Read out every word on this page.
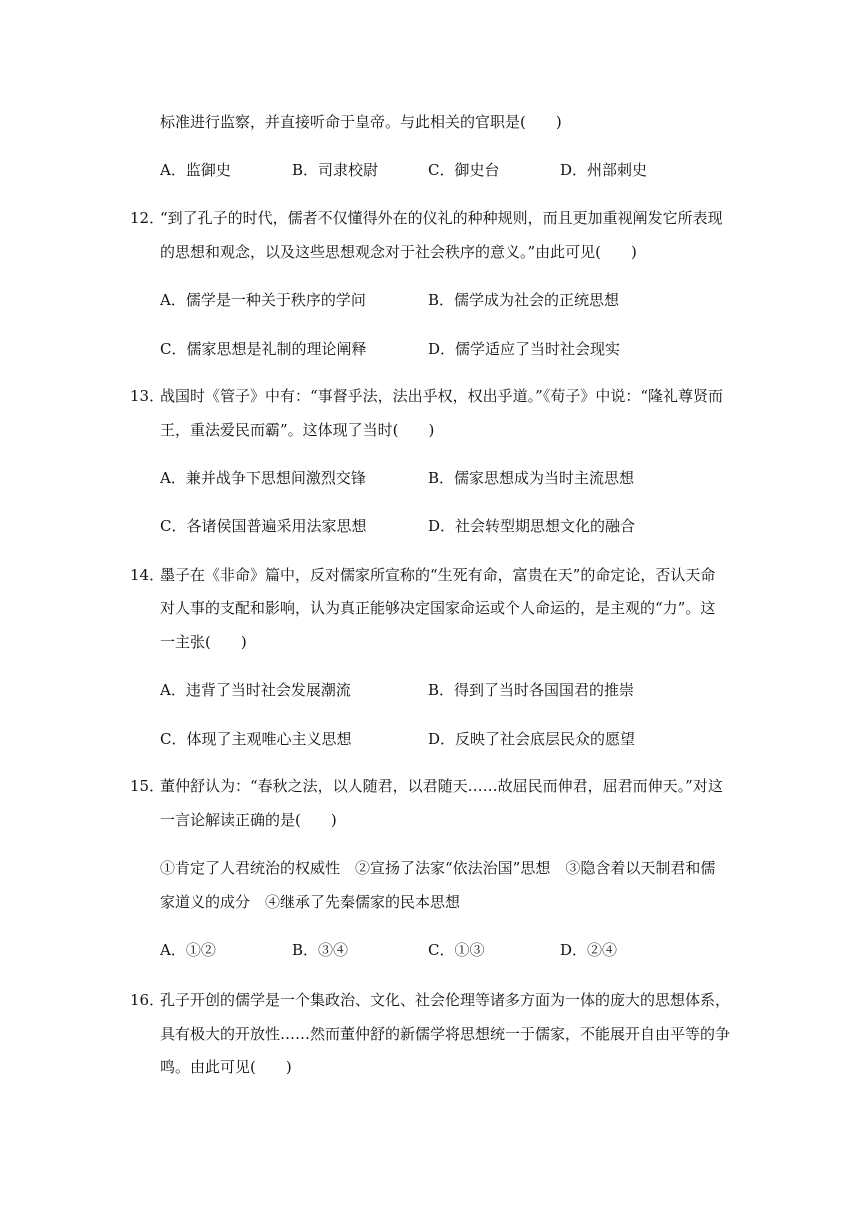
标准进行监察，并直接听命于皇帝。与此相关的官职是(　　)
A．监御史	B．司隶校尉	C．御史台	D．州部刺史
12．
“到了孔子的时代，儒者不仅懂得外在的仪礼的种种规则，而且更加重视阐发它所表现
的思想和观念，以及这些思想观念对于社会秩序的意义。”由此可见(　　)
A．儒学是一种关于秩序的学问	B．儒学成为社会的正统思想
C．儒家思想是礼制的理论阐释	D．儒学适应了当时社会现实
13．
战国时《管子》中有：“事督乎法，法出乎权，权出乎道。”《荀子》中说：“隆礼尊贤而
王，重法爱民而霸”。这体现了当时(　　)
A．兼并战争下思想间激烈交锋	B．儒家思想成为当时主流思想
C．各诸侯国普遍采用法家思想	D．社会转型期思想文化的融合
14．
墨子在《非命》篇中，反对儒家所宣称的“生死有命，富贵在天”的命定论，否认天命
对人事的支配和影响，认为真正能够决定国家命运或个人命运的，是主观的“力”。这
一主张(　　)
A．违背了当时社会发展潮流	B．得到了当时各国国君的推崇
C．体现了主观唯心主义思想	D．反映了社会底层民众的愿望
15．
董仲舒认为：“春秋之法，以人随君，以君随天……故屈民而伸君，屈君而伸天。”对这
一言论解读正确的是(　　)
①肯定了人君统治的权威性　②宣扬了法家“依法治国”思想　③隐含着以天制君和儒
家道义的成分　④继承了先秦儒家的民本思想
A．①②	B．③④	C．①③	D．②④
16．
孔子开创的儒学是一个集政治、文化、社会伦理等诸多方面为一体的庞大的思想体系，
具有极大的开放性……然而董仲舒的新儒学将思想统一于儒家，不能展开自由平等的争
鸣。由此可见(　　)
